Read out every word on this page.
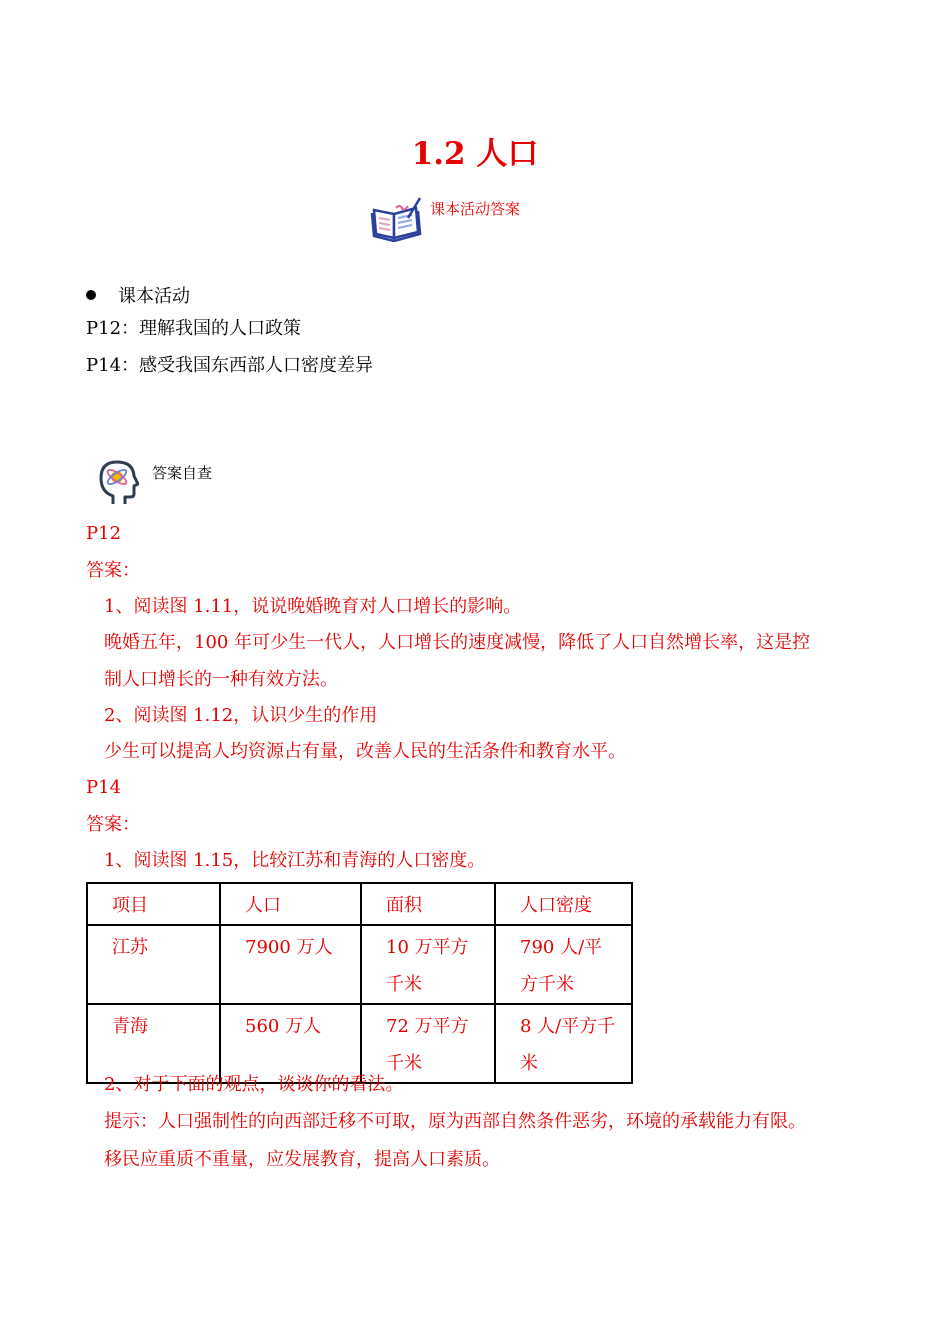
1.2 人口
课本活动答案
课本活动
P12：理解我国的人口政策
P14：感受我国东西部人口密度差异
答案自查
P12
答案：
1、阅读图 1.11，说说晚婚晚育对人口增长的影响。
晚婚五年，100 年可少生一代人，人口增长的速度减慢，降低了人口自然增长率，这是控
制人口增长的一种有效方法。
2、阅读图 1.12，认识少生的作用
少生可以提高人均资源占有量，改善人民的生活条件和教育水平。
P14
答案：
1、阅读图 1.15，比较江苏和青海的人口密度。
项目	人口	面积	人口密度
江苏	7900 万人	10 万平方千米	790 人/平方千米
青海	560 万人	72 万平方千米	8 人/平方千米
2、对于下面的观点，谈谈你的看法。
提示：人口强制性的向西部迁移不可取，原为西部自然条件恶劣，环境的承载能力有限。
移民应重质不重量，应发展教育，提高人口素质。
